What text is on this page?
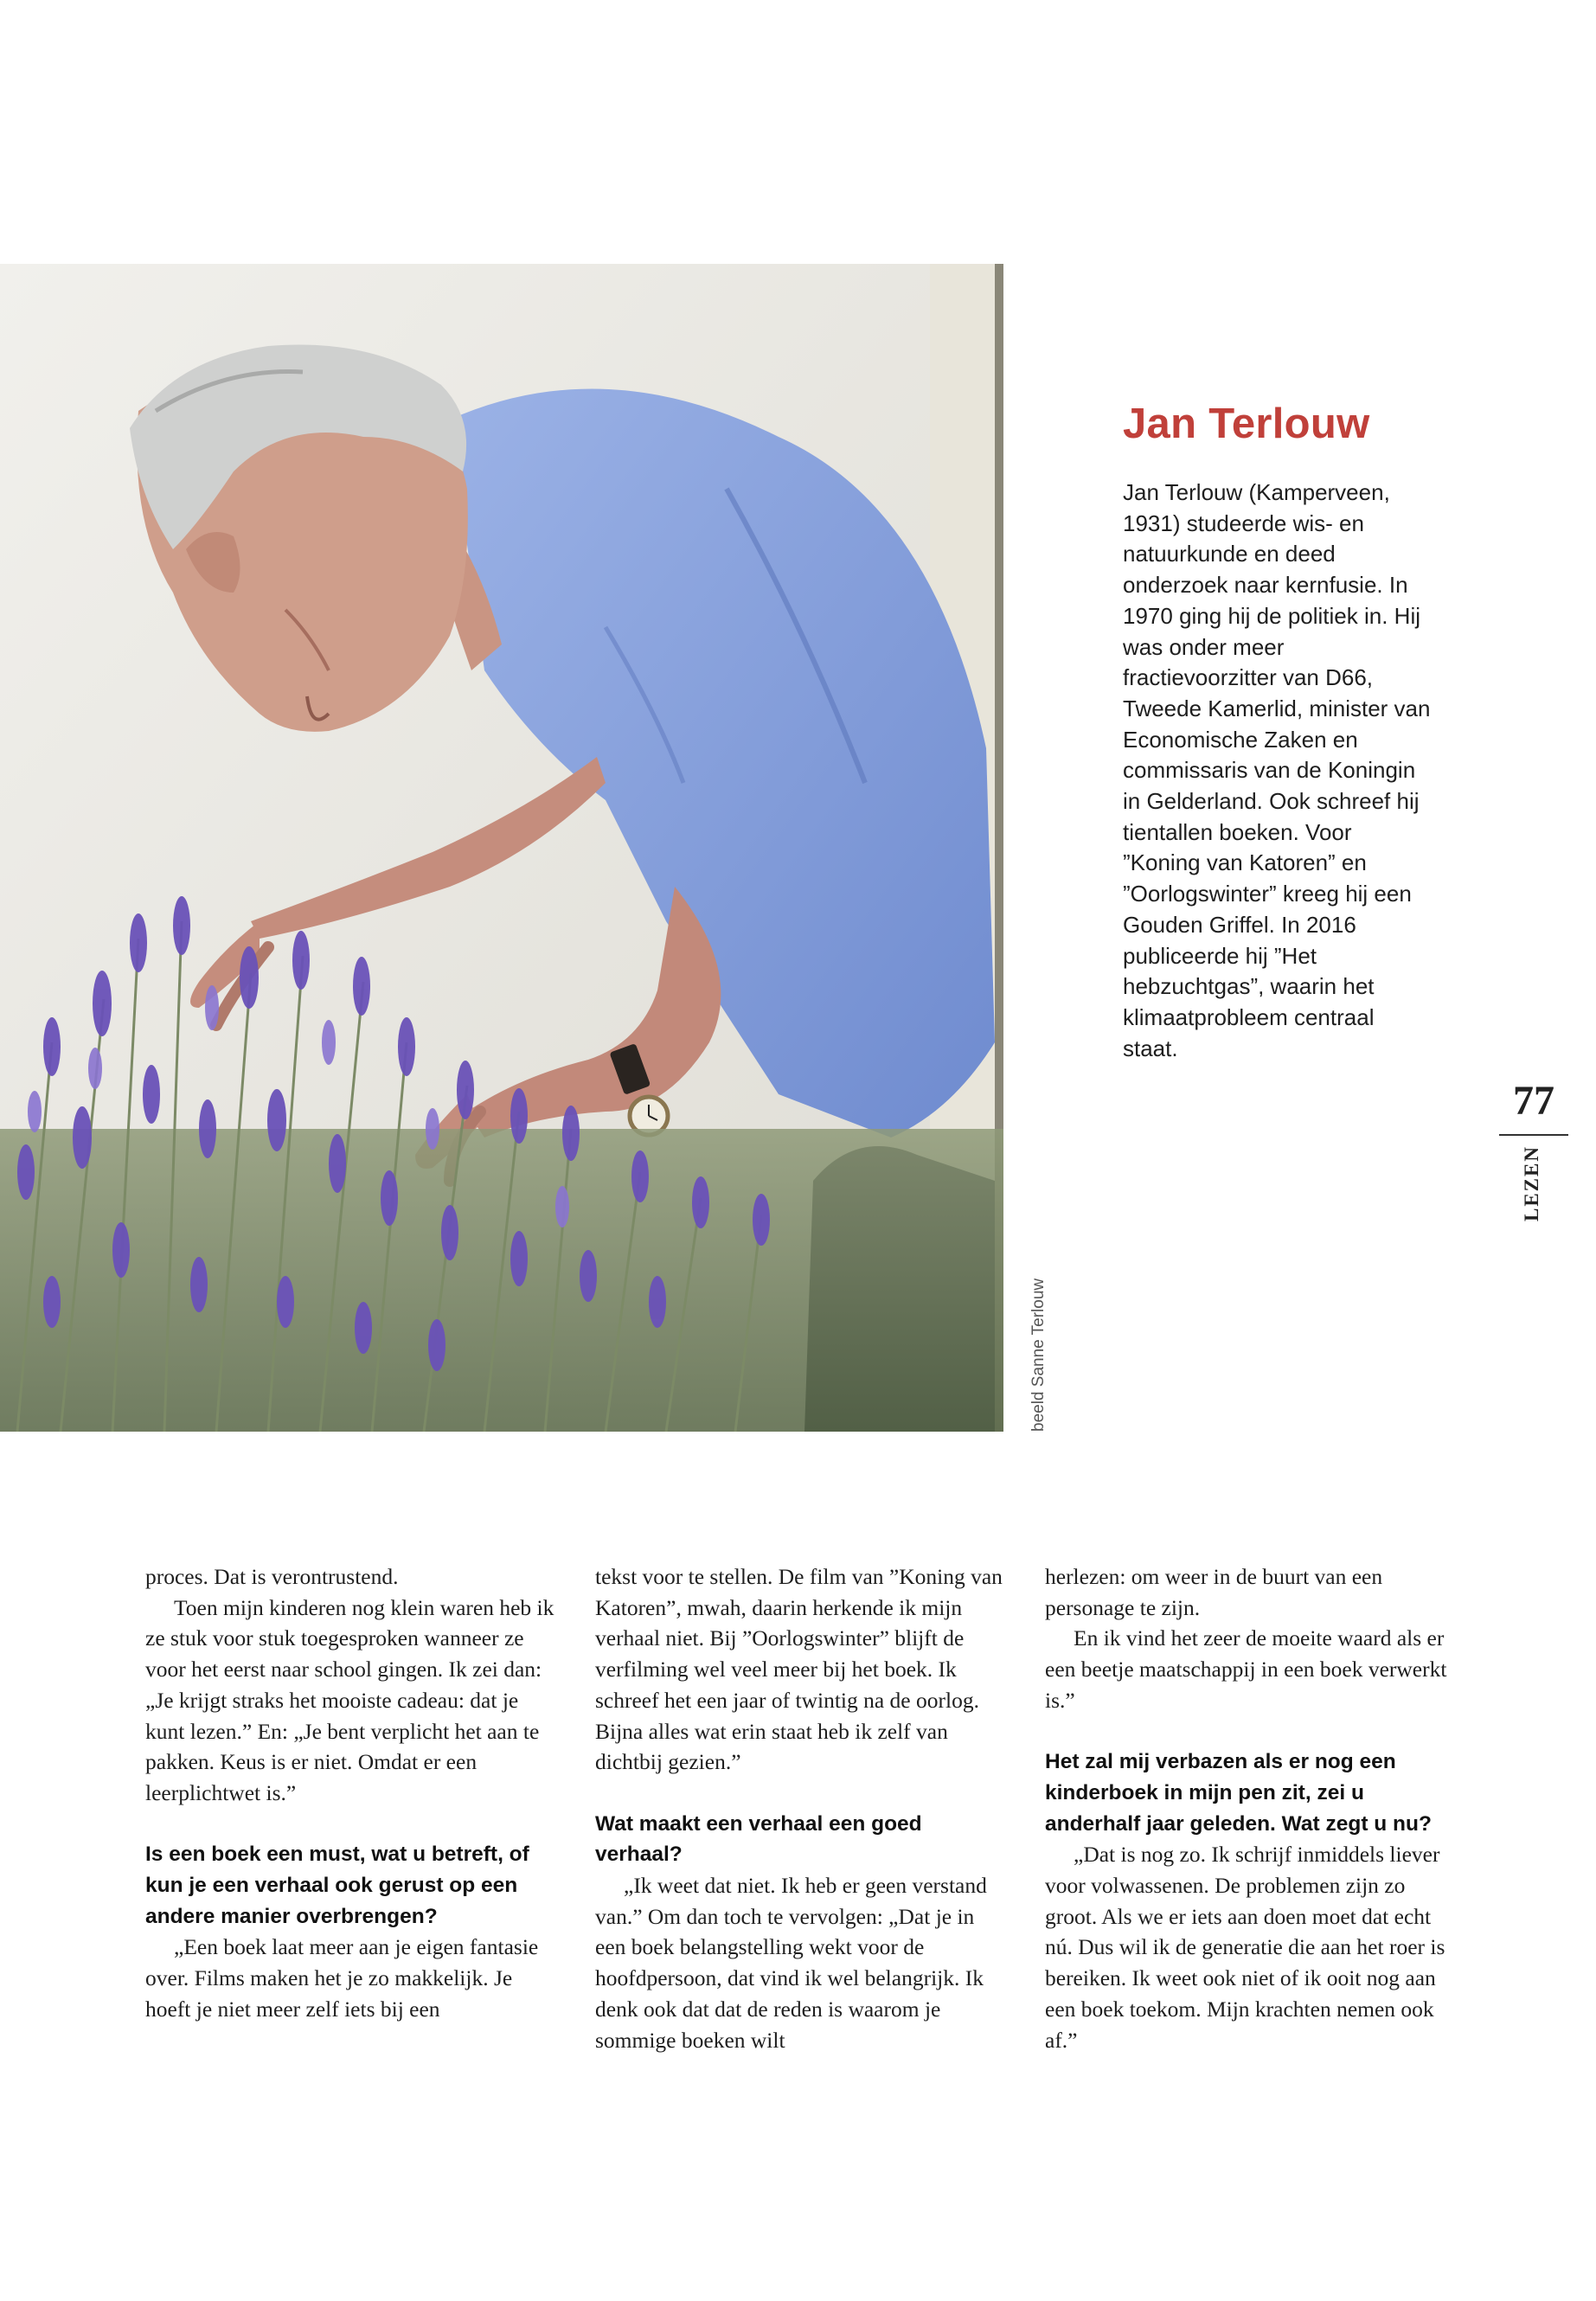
beeld Sanne Terlouw
Jan Terlouw

Jan Terlouw (Kamperveen, 1931) studeerde wis- en natuurkunde en deed onderzoek naar kernfusie. In 1970 ging hij de politiek in. Hij was onder meer fractievoorzitter van D66, Tweede Kamerlid, minister van Economische Zaken en commissaris van de Koningin in Gelderland. Ook schreef hij tientallen boeken. Voor ”Koning van Katoren” en ”Oorlogswinter” kreeg hij een Gouden Griffel. In 2016 publiceerde hij ”Het hebzuchtgas”, waarin het klimaatprobleem centraal staat.

77
LEZEN

proces. Dat is verontrustend.

Toen mijn kinderen nog klein waren heb ik ze stuk voor stuk toegesproken wanneer ze voor het eerst naar school gingen. Ik zei dan: „Je krijgt straks het mooiste cadeau: dat je kunt lezen.” En: „Je bent verplicht het aan te pakken. Keus is er niet. Omdat er een leerplichtwet is.”

Is een boek een must, wat u betreft, of kun je een verhaal ook gerust op een andere manier overbrengen?

„Een boek laat meer aan je eigen fantasie over. Films maken het je zo makkelijk. Je hoeft je niet meer zelf iets bij een

tekst voor te stellen. De film van ”Koning van Katoren”, mwah, daarin herkende ik mijn verhaal niet. Bij ”Oorlogswinter” blijft de verfilming wel veel meer bij het boek. Ik schreef het een jaar of twintig na de oorlog. Bijna alles wat erin staat heb ik zelf van dichtbij gezien.”

Wat maakt een verhaal een goed verhaal?

„Ik weet dat niet. Ik heb er geen verstand van.” Om dan toch te vervolgen: „Dat je in een boek belangstelling wekt voor de hoofdpersoon, dat vind ik wel belangrijk. Ik denk ook dat dat de reden is waarom je sommige boeken wilt

herlezen: om weer in de buurt van een personage te zijn.

En ik vind het zeer de moeite waard als er een beetje maatschappij in een boek verwerkt is.”

Het zal mij verbazen als er nog een kinderboek in mijn pen zit, zei u anderhalf jaar geleden. Wat zegt u nu?

„Dat is nog zo. Ik schrijf inmiddels liever voor volwassenen. De problemen zijn zo groot. Als we er iets aan doen moet dat echt nú. Dus wil ik de generatie die aan het roer is bereiken. Ik weet ook niet of ik ooit nog aan een boek toekom. Mijn krachten nemen ook af.”
